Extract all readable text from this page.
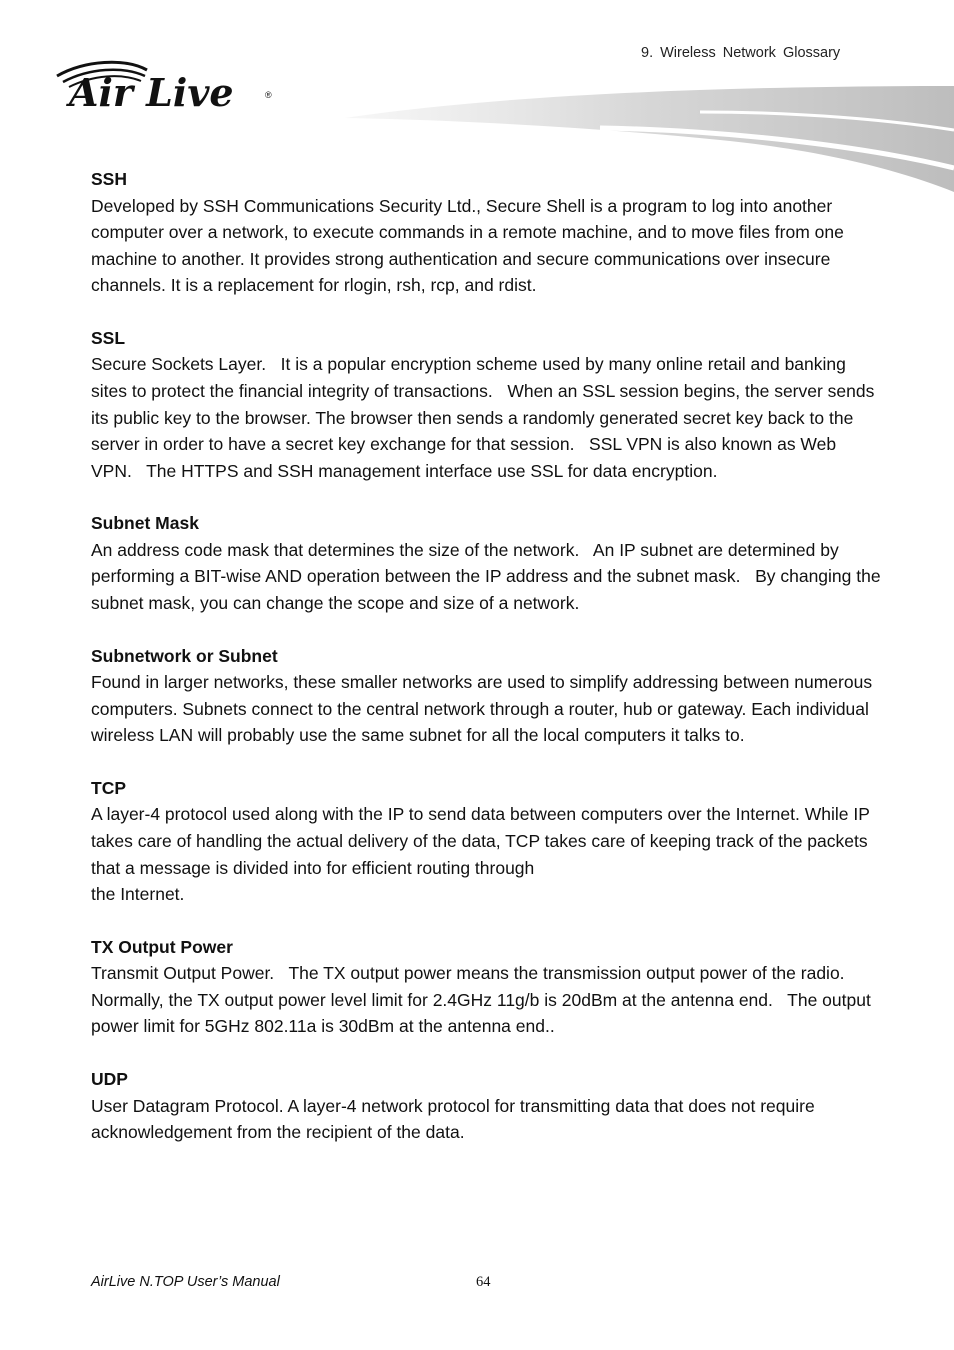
Air Live	®
9. Wireless Network Glossary

SSH

Developed by SSH Communications Security Ltd., Secure Shell is a program to log into another computer over a network, to execute commands in a remote machine, and to move files from one machine to another. It provides strong authentication and secure communications over insecure channels. It is a replacement for rlogin, rsh, rcp, and rdist.

SSL

Secure Sockets Layer.   It is a popular encryption scheme used by many online retail and banking sites to protect the financial integrity of transactions.   When an SSL session begins, the server sends its public key to the browser. The browser then sends a randomly generated secret key back to the server in order to have a secret key exchange for that session.   SSL VPN is also known as Web VPN.   The HTTPS and SSH management interface use SSL for data encryption.

Subnet Mask

An address code mask that determines the size of the network.   An IP subnet are determined by performing a BIT-wise AND operation between the IP address and the subnet mask.   By changing the subnet mask, you can change the scope and size of a network.

Subnetwork or Subnet

Found in larger networks, these smaller networks are used to simplify addressing between numerous computers. Subnets connect to the central network through a router, hub or gateway. Each individual wireless LAN will probably use the same subnet for all the local computers it talks to.

TCP

A layer-4 protocol used along with the IP to send data between computers over the Internet. While IP takes care of handling the actual delivery of the data, TCP takes care of keeping track of the packets that a message is divided into for efficient routing through
the Internet.

TX Output Power

Transmit Output Power.   The TX output power means the transmission output power of the radio.   Normally, the TX output power level limit for 2.4GHz 11g/b is 20dBm at the antenna end.   The output power limit for 5GHz 802.11a is 30dBm at the antenna end..

UDP

User Datagram Protocol. A layer-4 network protocol for transmitting data that does not require acknowledgement from the recipient of the data.

AirLive N.TOP User’s Manual	64
